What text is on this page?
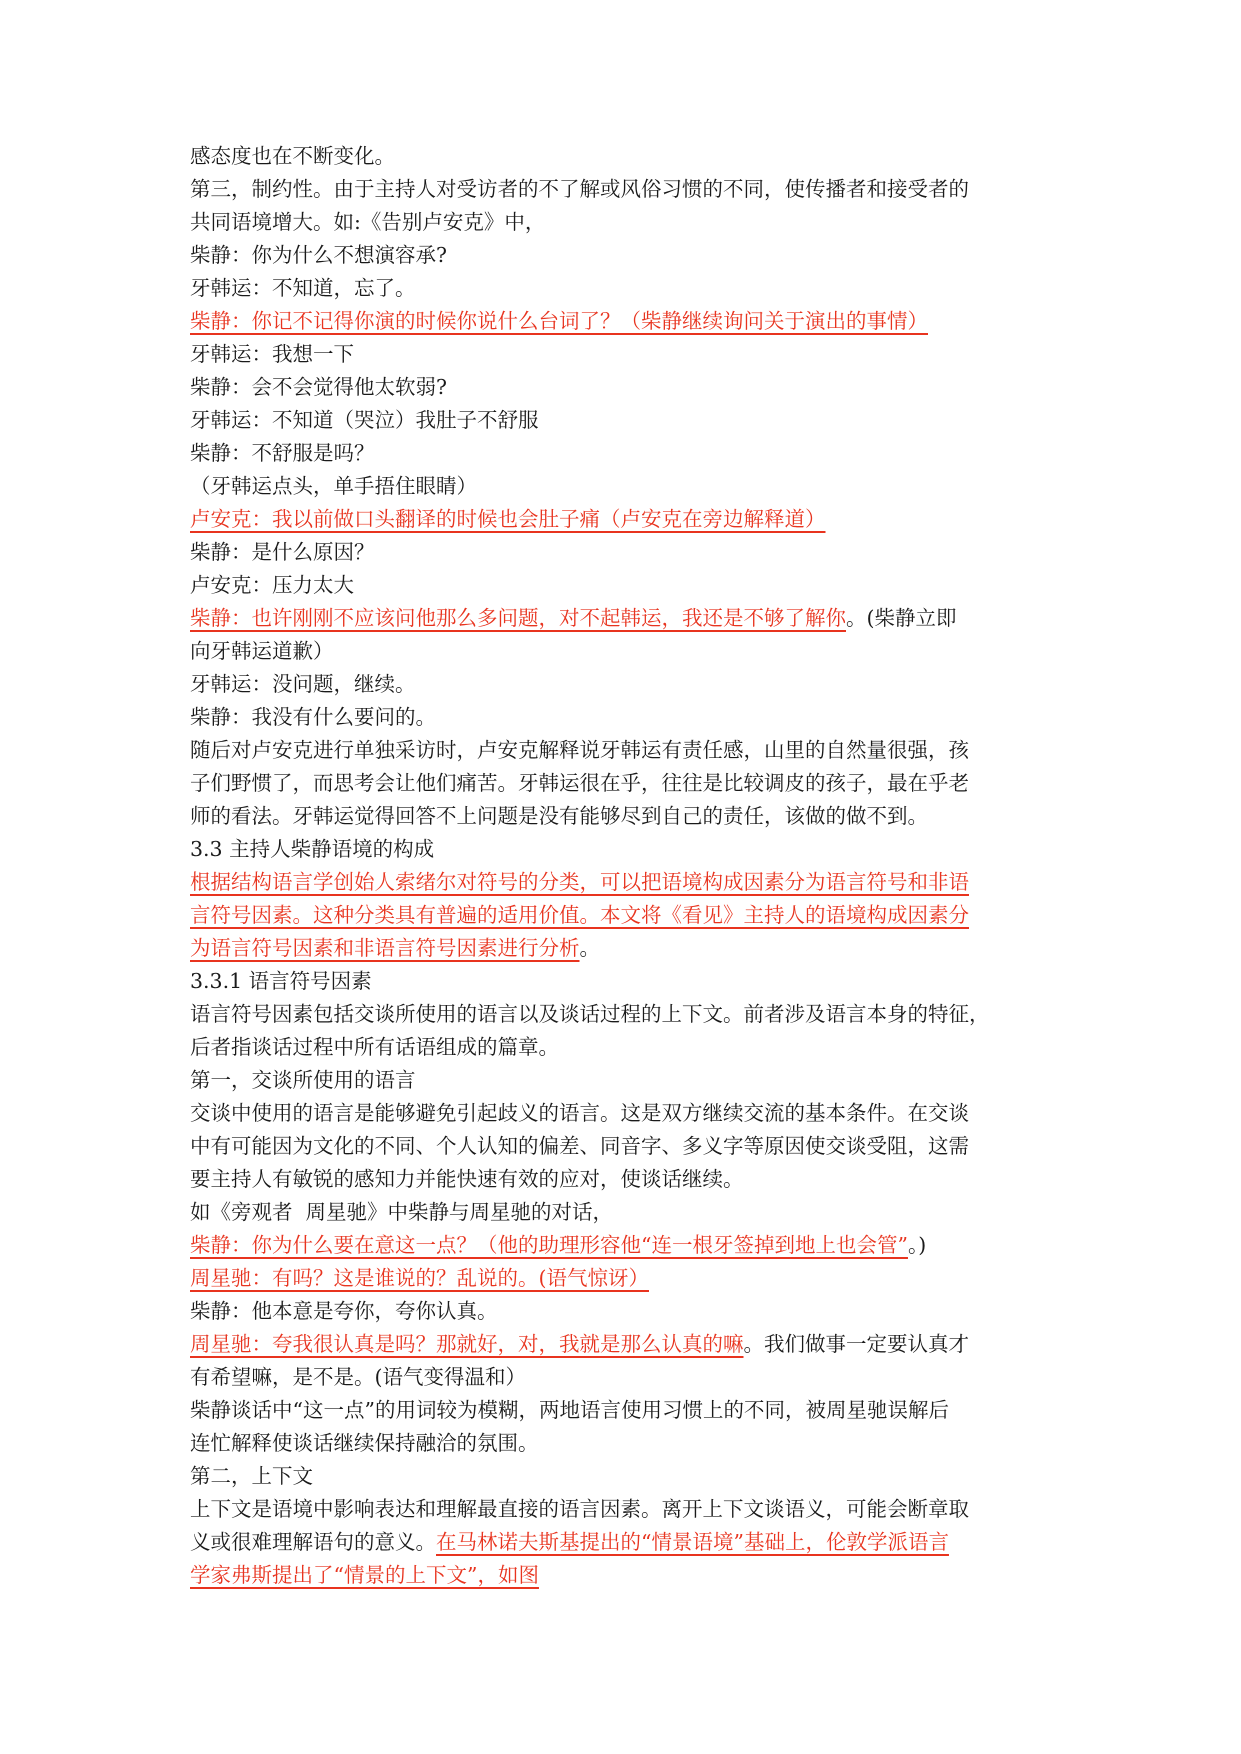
感态度也在不断变化。
第三，制约性。由于主持人对受访者的不了解或风俗习惯的不同，使传播者和接受者的
共同语境增大。如:《告别卢安克》中，
柴静：你为什么不想演容承?
牙韩运：不知道，忘了。
柴静：你记不记得你演的时候你说什么台词了？（柴静继续询问关于演出的事情）
牙韩运：我想一下
柴静：会不会觉得他太软弱?
牙韩运：不知道（哭泣）我肚子不舒服
柴静：不舒服是吗？
（牙韩运点头，单手捂住眼睛）
卢安克：我以前做口头翻译的时候也会肚子痛（卢安克在旁边解释道）
柴静：是什么原因？
卢安克：压力太大
柴静：也许刚刚不应该问他那么多问题，对不起韩运，我还是不够了解你。(柴静立即
向牙韩运道歉）
牙韩运：没问题，继续。
柴静：我没有什么要问的。
随后对卢安克进行单独采访时，卢安克解释说牙韩运有责任感，山里的自然量很强，孩
子们野惯了，而思考会让他们痛苦。牙韩运很在乎，往往是比较调皮的孩子，最在乎老
师的看法。牙韩运觉得回答不上问题是没有能够尽到自己的责任，该做的做不到。
3.3 主持人柴静语境的构成
根据结构语言学创始人索绪尔对符号的分类，可以把语境构成因素分为语言符号和非语
言符号因素。这种分类具有普遍的适用价值。本文将《看见》主持人的语境构成因素分
为语言符号因素和非语言符号因素进行分析。
3.3.1 语言符号因素
语言符号因素包括交谈所使用的语言以及谈话过程的上下文。前者涉及语言本身的特征，
后者指谈话过程中所有话语组成的篇章。
第一，交谈所使用的语言
交谈中使用的语言是能够避免引起歧义的语言。这是双方继续交流的基本条件。在交谈
中有可能因为文化的不同、个人认知的偏差、同音字、多义字等原因使交谈受阻，这需
要主持人有敏锐的感知力并能快速有效的应对，使谈话继续。
如《旁观者  周星驰》中柴静与周星驰的对话，
柴静：你为什么要在意这一点？（他的助理形容他“连一根牙签掉到地上也会管”。)
周星驰：有吗？这是谁说的？乱说的。(语气惊讶）
柴静：他本意是夸你，夸你认真。
周星驰：夸我很认真是吗？那就好，对，我就是那么认真的嘛。我们做事一定要认真才
有希望嘛，是不是。(语气变得温和）
柴静谈话中“这一点”的用词较为模糊，两地语言使用习惯上的不同，被周星驰误解后
连忙解释使谈话继续保持融洽的氛围。
第二，上下文
上下文是语境中影响表达和理解最直接的语言因素。离开上下文谈语义，可能会断章取
义或很难理解语句的意义。在马林诺夫斯基提出的“情景语境”基础上，伦敦学派语言
学家弗斯提出了“情景的上下文”，如图
